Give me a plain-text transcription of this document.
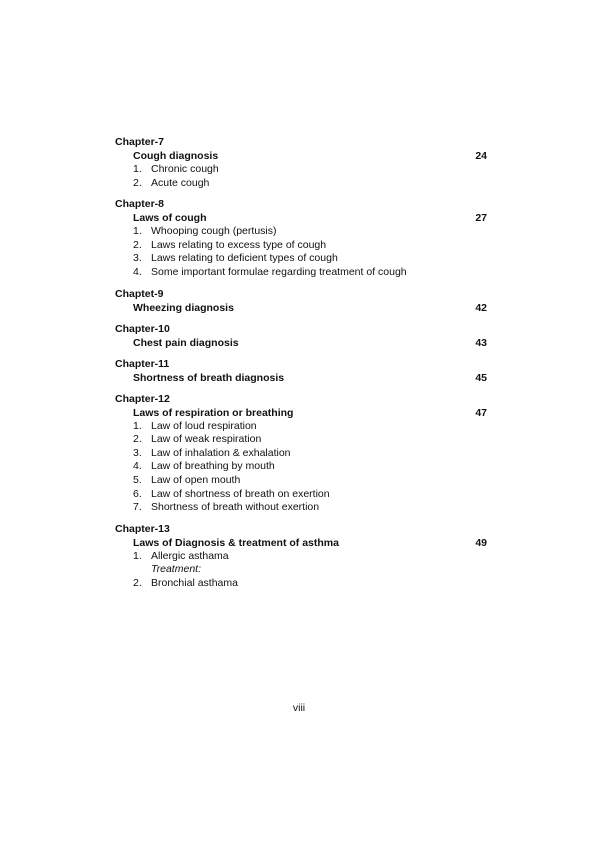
Chapter-7
Cough diagnosis	24
1. Chronic cough
2. Acute cough
Chapter-8
Laws of cough	27
1. Whooping cough (pertusis)
2. Laws relating to excess type of cough
3. Laws relating to deficient types of cough
4. Some important formulae regarding treatment of cough
Chaptet-9
Wheezing diagnosis	42
Chapter-10
Chest pain diagnosis	43
Chapter-11
Shortness of breath diagnosis	45
Chapter-12
Laws of respiration or breathing	47
1. Law of loud respiration
2. Law of weak respiration
3. Law of inhalation & exhalation
4. Law of breathing by mouth
5. Law of open mouth
6. Law of shortness of breath on exertion
7. Shortness of breath without exertion
Chapter-13
Laws of Diagnosis & treatment of asthma	49
1. Allergic asthama
Treatment:
2. Bronchial asthama
viii
